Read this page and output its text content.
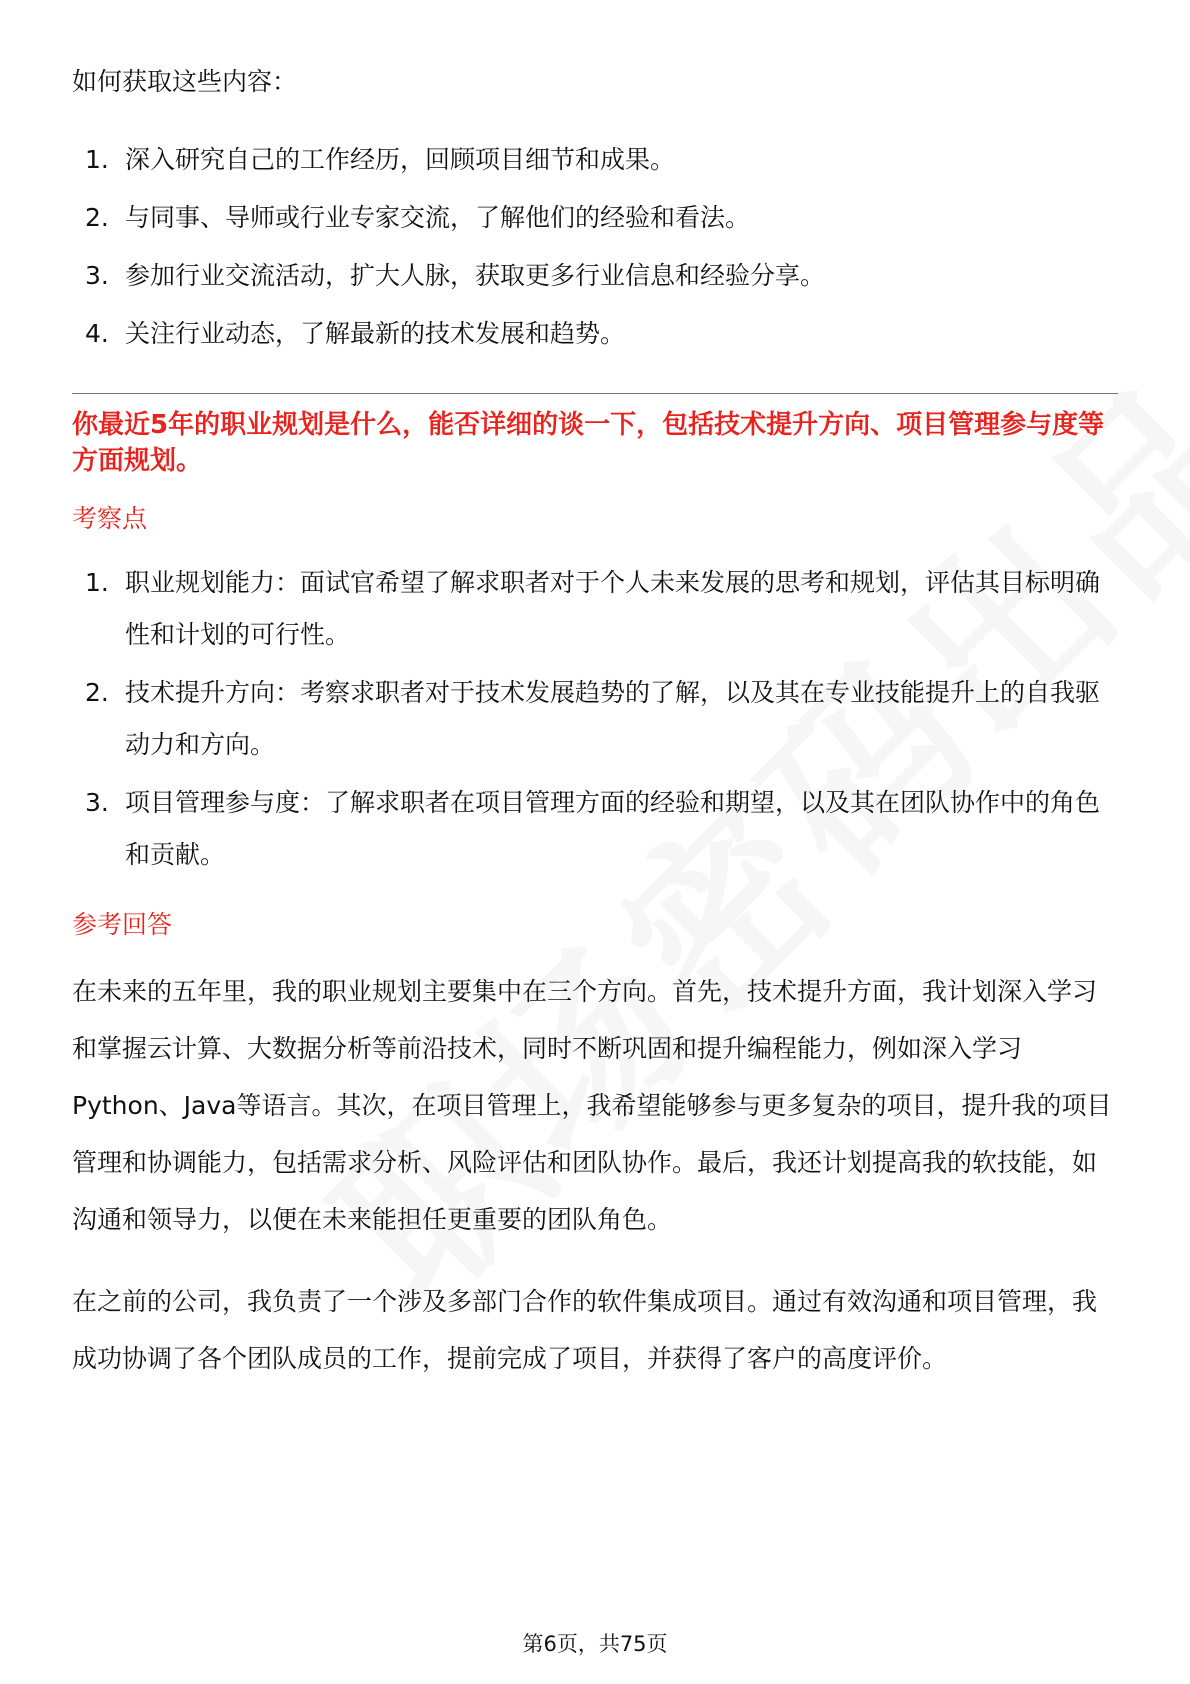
如何获取这些内容：

1. 深入研究自己的工作经历，回顾项目细节和成果。
2. 与同事、导师或行业专家交流，了解他们的经验和看法。
3. 参加行业交流活动，扩大人脉，获取更多行业信息和经验分享。
4. 关注行业动态，了解最新的技术发展和趋势。
你最近5年的职业规划是什么，能否详细的谈一下，包括技术提升方向、项目管理参与度等方面规划。
考察点
1. 职业规划能力：面试官希望了解求职者对于个人未来发展的思考和规划，评估其目标明确性和计划的可行性。
2. 技术提升方向：考察求职者对于技术发展趋势的了解，以及其在专业技能提升上的自我驱动力和方向。
3. 项目管理参与度：了解求职者在项目管理方面的经验和期望，以及其在团队协作中的角色和贡献。
参考回答

在未来的五年里，我的职业规划主要集中在三个方向。首先，技术提升方面，我计划深入学习和掌握云计算、大数据分析等前沿技术，同时不断巩固和提升编程能力，例如深入学习Python、Java等语言。其次，在项目管理上，我希望能够参与更多复杂的项目，提升我的项目管理和协调能力，包括需求分析、风险评估和团队协作。最后，我还计划提高我的软技能，如沟通和领导力，以便在未来能担任更重要的团队角色。

在之前的公司，我负责了一个涉及多部门合作的软件集成项目。通过有效沟通和项目管理，我成功协调了各个团队成员的工作，提前完成了项目，并获得了客户的高度评价。

第6页，共75页
